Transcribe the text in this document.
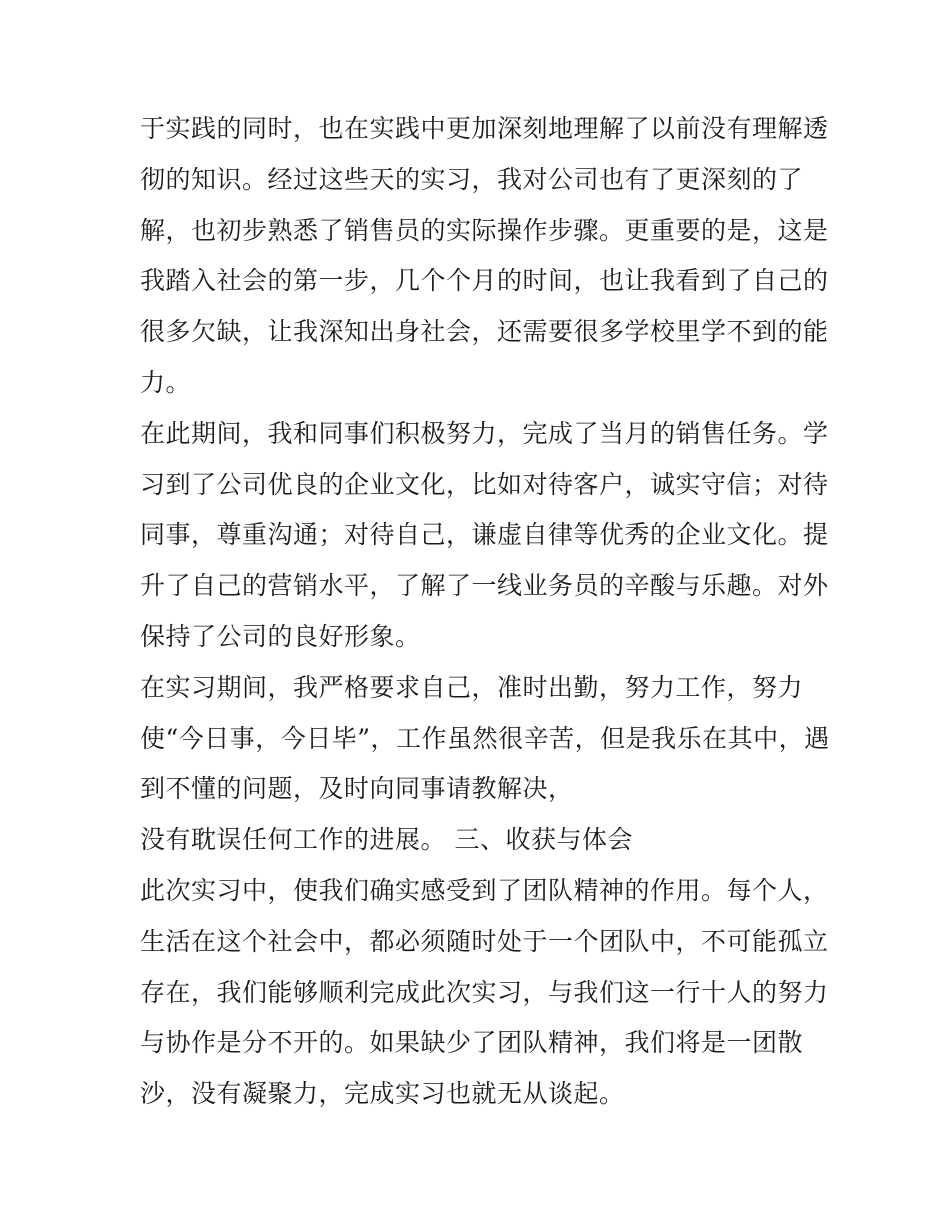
于实践的同时，也在实践中更加深刻地理解了以前没有理解透
彻的知识。经过这些天的实习，我对公司也有了更深刻的了
解，也初步熟悉了销售员的实际操作步骤。更重要的是，这是
我踏入社会的第一步，几个个月的时间，也让我看到了自己的
很多欠缺，让我深知出身社会，还需要很多学校里学不到的能
力。
在此期间，我和同事们积极努力，完成了当月的销售任务。学
习到了公司优良的企业文化，比如对待客户，诚实守信；对待
同事，尊重沟通；对待自己，谦虚自律等优秀的企业文化。提
升了自己的营销水平，了解了一线业务员的辛酸与乐趣。对外
保持了公司的良好形象。
在实习期间，我严格要求自己，准时出勤，努力工作，努力
使“今日事，今日毕”，工作虽然很辛苦，但是我乐在其中，遇
到不懂的问题，及时向同事请教解决，
没有耽误任何工作的进展。 三、收获与体会
此次实习中，使我们确实感受到了团队精神的作用。每个人，
生活在这个社会中，都必须随时处于一个团队中，不可能孤立
存在，我们能够顺利完成此次实习，与我们这一行十人的努力
与协作是分不开的。如果缺少了团队精神，我们将是一团散
沙，没有凝聚力，完成实习也就无从谈起。
